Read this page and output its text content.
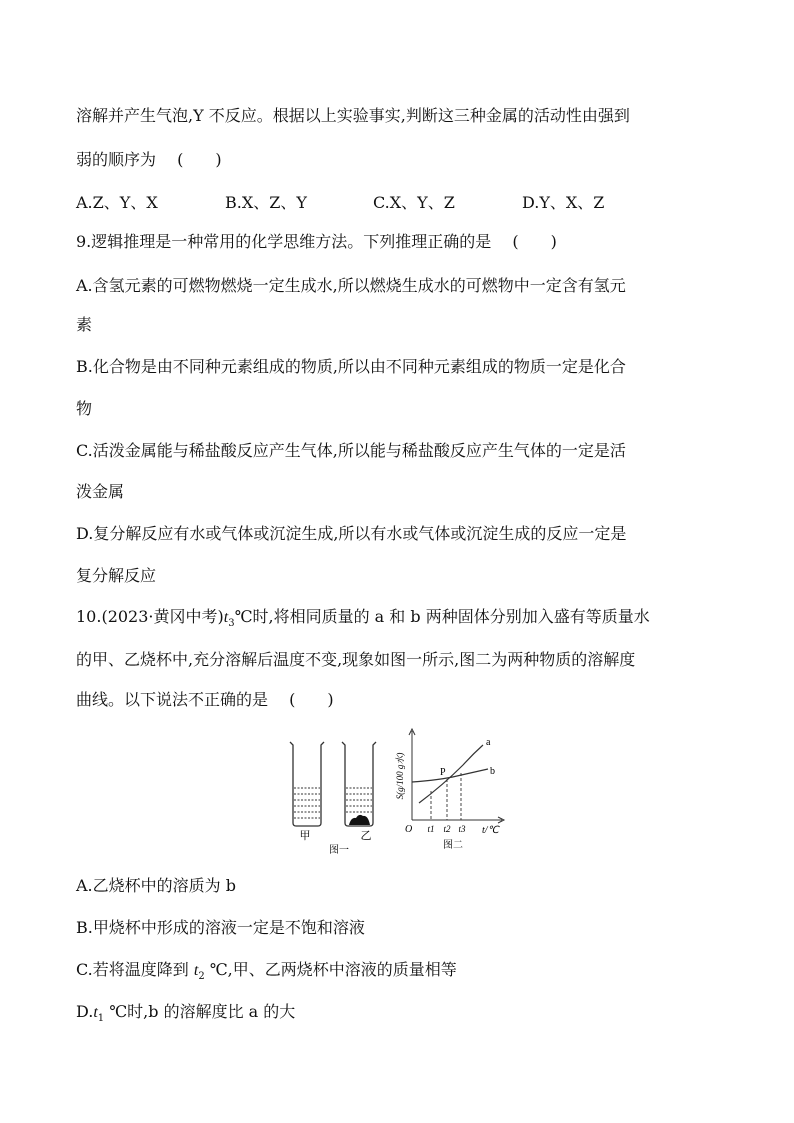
溶解并产生气泡,Y 不反应。根据以上实验事实,判断这三种金属的活动性由强到
弱的顺序为　 (　　)
A.Z、Y、X	B.X、Z、Y	C.X、Y、Z	D.Y、X、Z
9.逻辑推理是一种常用的化学思维方法。下列推理正确的是　 (　　)
A.含氢元素的可燃物燃烧一定生成水,所以燃烧生成水的可燃物中一定含有氢元
素
B.化合物是由不同种元素组成的物质,所以由不同种元素组成的物质一定是化合
物
C.活泼金属能与稀盐酸反应产生气体,所以能与稀盐酸反应产生气体的一定是活
泼金属
D.复分解反应有水或气体或沉淀生成,所以有水或气体或沉淀生成的反应一定是
复分解反应
10.(2023·黄冈中考)$t_3℃$时,将相同质量的 a 和 b 两种固体分别加入盛有等质量水
的甲、乙烧杯中,充分溶解后温度不变,现象如图一所示,图二为两种物质的溶解度
曲线。以下说法不正确的是　 (　　)
甲	乙
图一
S(g/100 g水)
O	t/℃
P
a
b
t1 t2 t3
图二
A.乙烧杯中的溶质为 b
B.甲烧杯中形成的溶液一定是不饱和溶液
C.若将温度降到 $t_2$ ℃,甲、乙两烧杯中溶液的质量相等
$D.t_1$ ℃时,b 的溶解度比 a 的大
